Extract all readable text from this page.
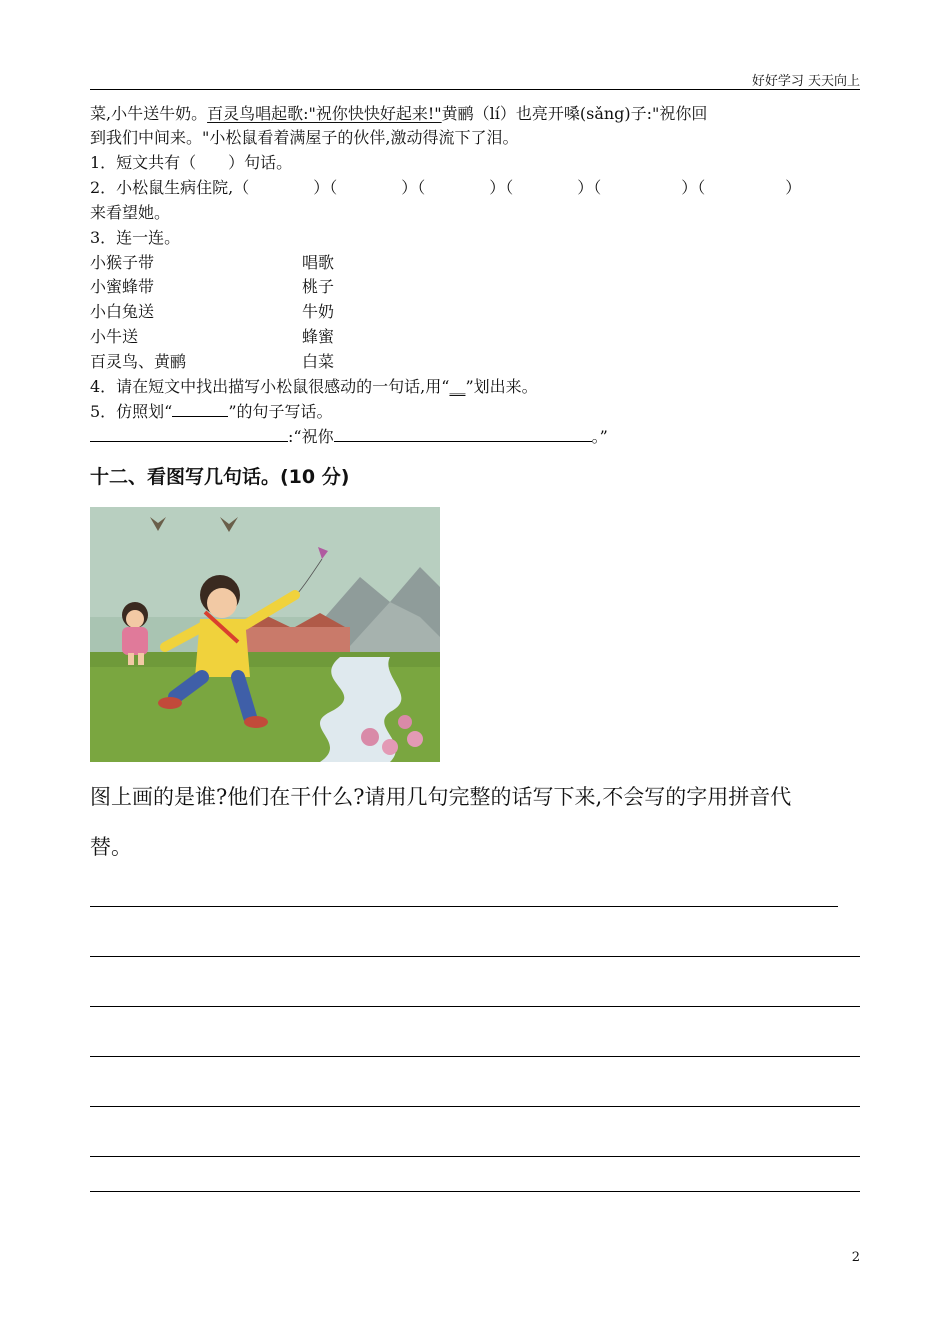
好好学习 天天向上
菜,小牛送牛奶。百灵鸟唱起歌:"祝你快快好起来!"黄鹂（lí）也亮开嗓(sǎng)子:"祝你回
到我们中间来。"小松鼠看着满屋子的伙伴,激动得流下了泪。
1．短文共有（　　）句话。
2．小松鼠生病住院,（　　　　）（　　　　）（　　　　）（　　　　）（　　　　　）（　　　　　）
来看望她。
3．连一连。
小猴子带
小蜜蜂带
小白兔送
小牛送
百灵鸟、黄鹂
唱歌
桃子
牛奶
蜂蜜
白菜
4．请在短文中找出描写小松鼠很感动的一句话,用“＿”划出来。
5．仿照划“	”的句子写话。
:“祝你	。”
十二、看图写几句话。(10 分)
图上画的是谁?他们在干什么?请用几句完整的话写下来,不会写的字用拼音代
替。
2
